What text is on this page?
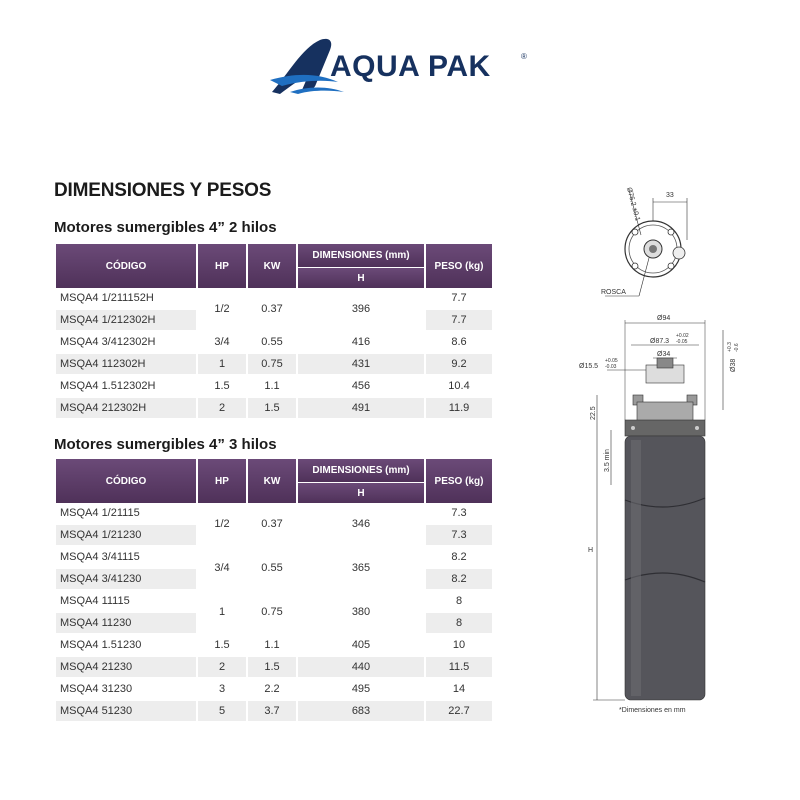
AQUA PAK	®
DIMENSIONES Y PESOS
Motores sumergibles 4” 2 hilos
CÓDIGO	HP	KW	DIMENSIONES (mm)	PESO (kg)
			H	
MSQA4 1/211152H	1/2	0.37	396	7.7
MSQA4 1/212302H				7.7
MSQA4 3/412302H	3/4	0.55	416	8.6
MSQA4 112302H	1	0.75	431	9.2
MSQA4 1.512302H	1.5	1.1	456	10.4
MSQA4 212302H	2	1.5	491	11.9
Motores sumergibles 4” 3 hilos
CÓDIGO	HP	KW	DIMENSIONES (mm)	PESO (kg)
			H	
MSQA4 1/21115	1/2	0.37	346	7.3
MSQA4 1/21230				7.3
MSQA4 3/41115	3/4	0.55	365	8.2
MSQA4 3/41230				8.2
MSQA4 11115	1	0.75	380	8
MSQA4 11230				8
MSQA4 1.51230	1.5	1.1	405	10
MSQA4 21230	2	1.5	440	11.5
MSQA4 31230	3	2.2	495	14
MSQA4 51230	5	3.7	683	22.7
Ø76.2 ±0.1	33
ROSCA
Ø94
Ø87.3
+0.02
-0.05
Ø34
Ø15.5
+0.05
-0.03	Ø38
+0.3 -0.6
22.5
3.5 min
H
*Dimensiones en mm
